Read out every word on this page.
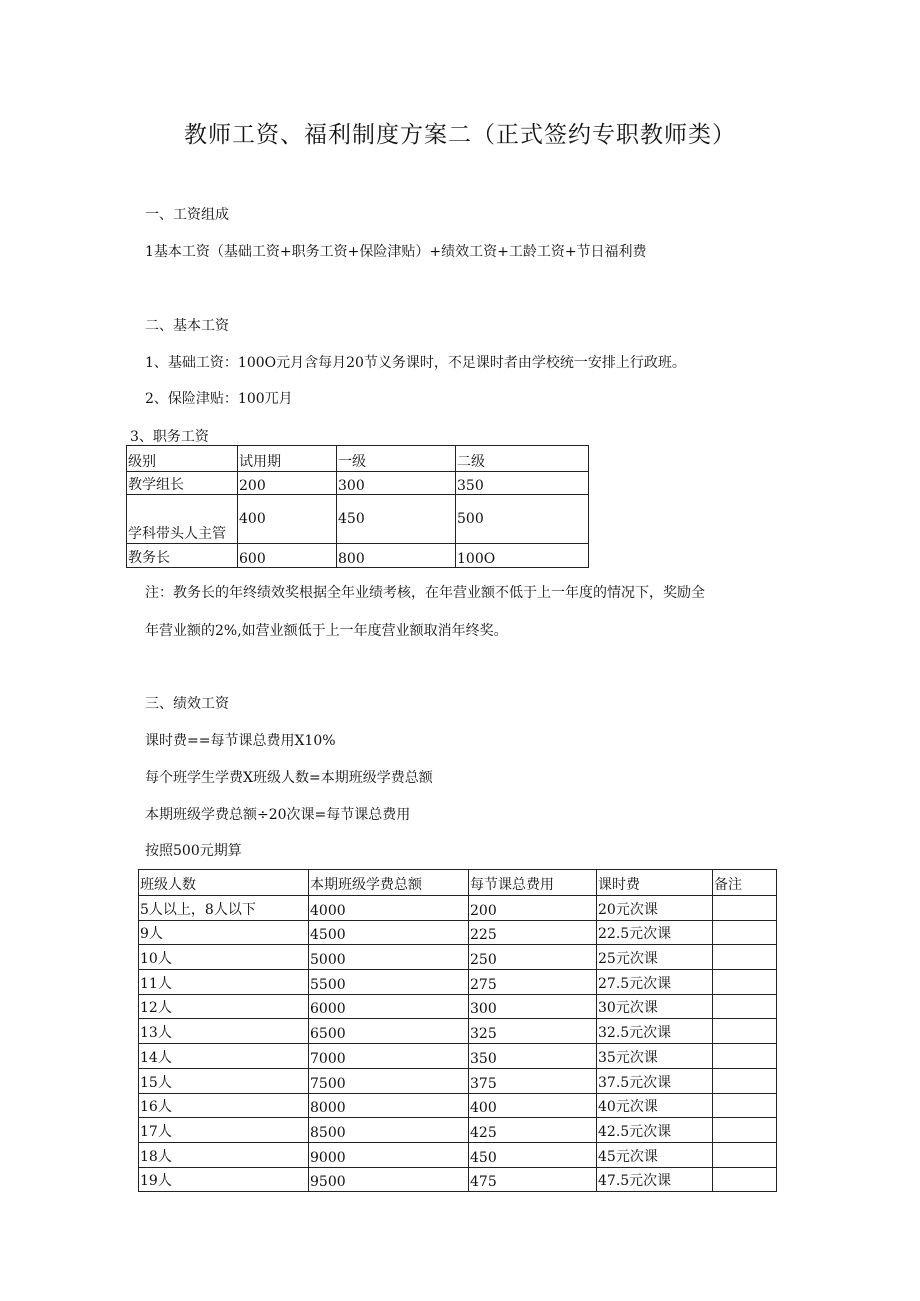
教师工资、福利制度方案二（正式签约专职教师类）
一、工资组成
1基本工资（基础工资+职务工资+保险津贴）+绩效工资+工龄工资+节日福利费
二、基本工资
1、基础工资：100O元月含每月20节义务课时，不足课时者由学校统一安排上行政班。
2、保险津贴：100兀月
3、职务工资
级别	试用期	一级	二级
教学组长	200	300	350
学科带头人主管	400	450	500
教务长	600	800	100O
注：教务长的年终绩效奖根据全年业绩考核，在年营业额不低于上一年度的情况下，奖励全
年营业额的2%,如营业额低于上一年度营业额取消年终奖。
三、绩效工资
课时费==每节课总费用X10%
每个班学生学费X班级人数=本期班级学费总额
本期班级学费总额÷20次课=每节课总费用
按照500元期算
班级人数	本期班级学费总额	每节课总费用	课时费	备注
5人以上，8人以下	4000	200	20元次课	
9人	4500	225	22.5元次课	
10人	5000	250	25元次课	
11人	5500	275	27.5元次课	
12人	6000	300	30元次课	
13人	6500	325	32.5元次课	
14人	7000	350	35元次课	
15人	7500	375	37.5元次课	
16人	8000	400	40元次课	
17人	8500	425	42.5元次课	
18人	9000	450	45元次课	
19人	9500	475	47.5元次课	
